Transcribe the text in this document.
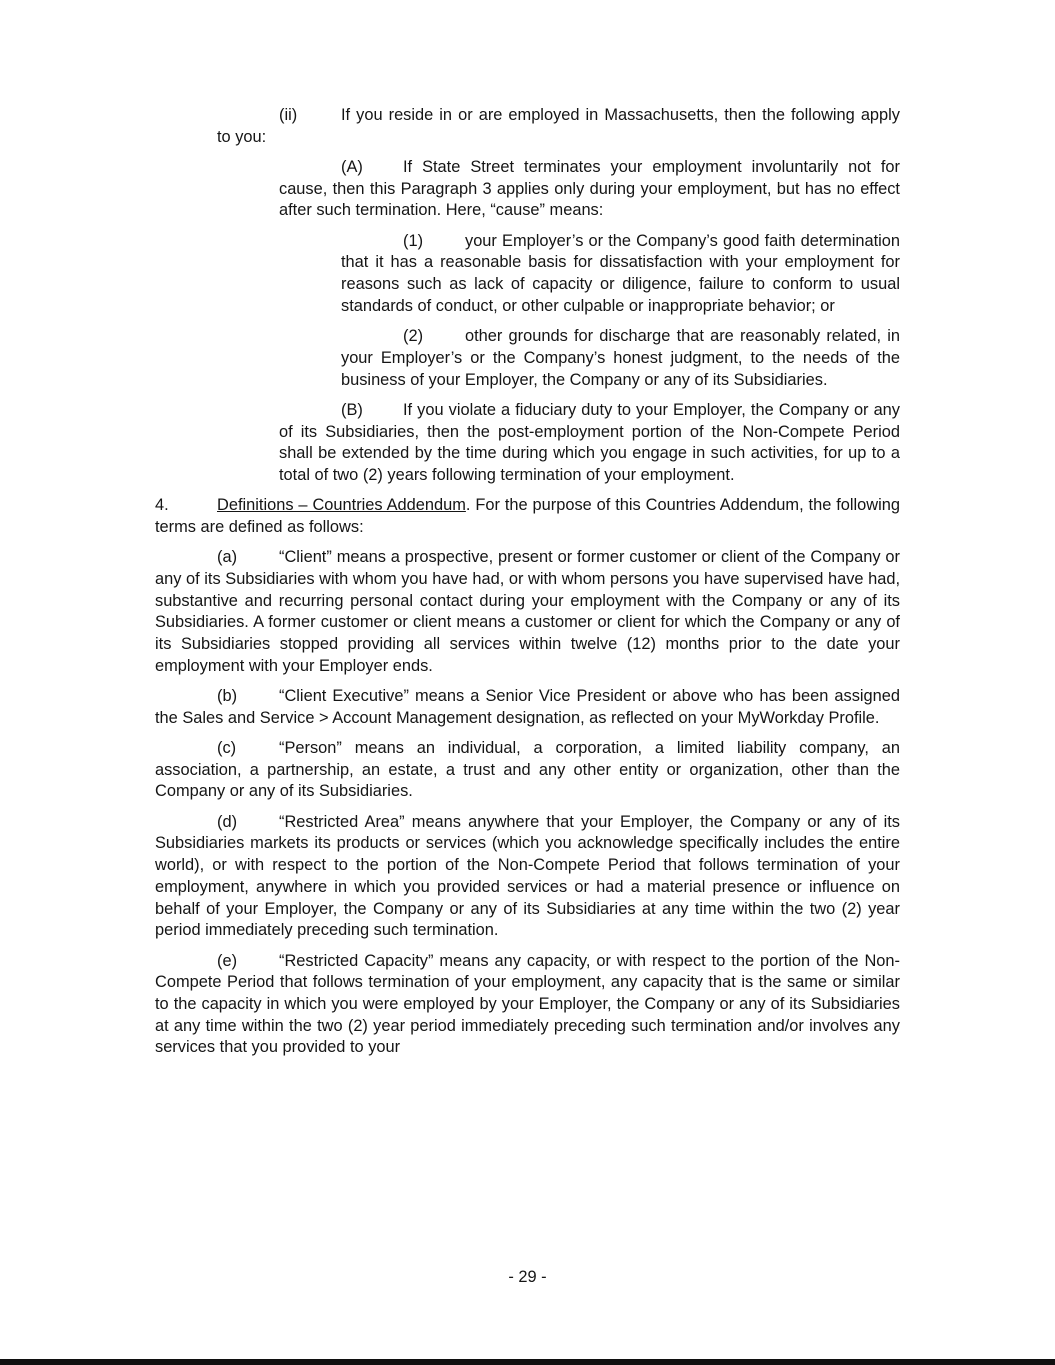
(ii)	If you reside in or are employed in Massachusetts, then the following apply to you:

(A) If State Street terminates your employment involuntarily not for cause, then this Paragraph 3 applies only during your employment, but has no effect after such termination. Here, “cause” means:

(1)	your Employer’s or the Company’s good faith determination that it has a reasonable basis for dissatisfaction with your employment for reasons such as lack of capacity or diligence, failure to conform to usual standards of conduct, or other culpable or inappropriate behavior; or

(2)	other grounds for discharge that are reasonably related, in your Employer’s or the Company’s honest judgment, to the needs of the business of your Employer, the Company or any of its Subsidiaries.

(B) If you violate a fiduciary duty to your Employer, the Company or any of its Subsidiaries, then the post-employment portion of the Non-Compete Period shall be extended by the time during which you engage in such activities, for up to a total of two (2) years following termination of your employment.

4.	Definitions – Countries Addendum. For the purpose of this Countries Addendum, the following terms are defined as follows:

(a)	“Client” means a prospective, present or former customer or client of the Company or any of its Subsidiaries with whom you have had, or with whom persons you have supervised have had, substantive and recurring personal contact during your employment with the Company or any of its Subsidiaries. A former customer or client means a customer or client for which the Company or any of its Subsidiaries stopped providing all services within twelve (12) months prior to the date your employment with your Employer ends.

(b)	“Client Executive” means a Senior Vice President or above who has been assigned the Sales and Service > Account Management designation, as reflected on your MyWorkday Profile.

(c)	“Person” means an individual, a corporation, a limited liability company, an association, a partnership, an estate, a trust and any other entity or organization, other than the Company or any of its Subsidiaries.

(d)	“Restricted Area” means anywhere that your Employer, the Company or any of its Subsidiaries markets its products or services (which you acknowledge specifically includes the entire world), or with respect to the portion of the Non-Compete Period that follows termination of your employment, anywhere in which you provided services or had a material presence or influence on behalf of your Employer, the Company or any of its Subsidiaries at any time within the two (2) year period immediately preceding such termination.

(e)	“Restricted Capacity” means any capacity, or with respect to the portion of the Non-Compete Period that follows termination of your employment, any capacity that is the same or similar to the capacity in which you were employed by your Employer, the Company or any of its Subsidiaries at any time within the two (2) year period immediately preceding such termination and/or involves any services that you provided to your

- 29 -
